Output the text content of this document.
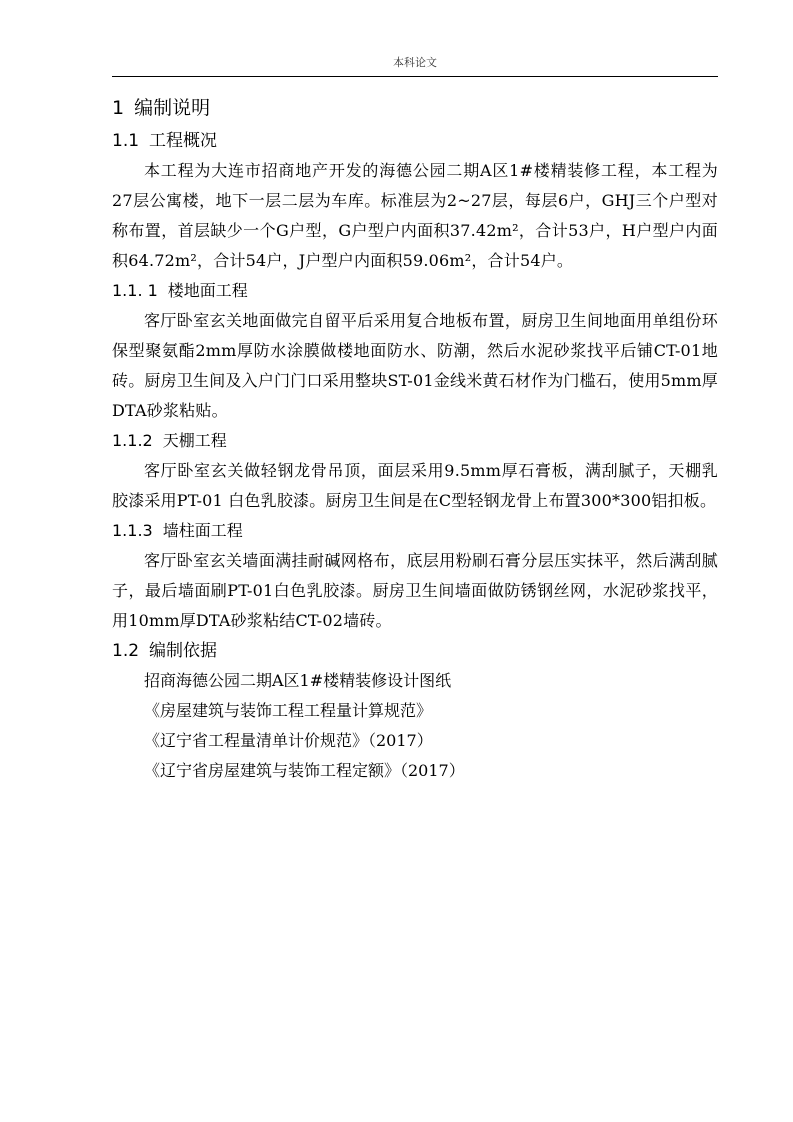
本科论文
1 编制说明
1.1 工程概况

本工程为大连市招商地产开发的海德公园二期A区1#楼精装修工程，本工程为27层公寓楼，地下一层二层为车库。标准层为2~27层，每层6户，GHJ三个户型对称布置，首层缺少一个G户型，G户型户内面积37.42m²，合计53户，H户型户内面积64.72m²，合计54户，J户型户内面积59.06m²，合计54户。

1.1. 1 楼地面工程

客厅卧室玄关地面做完自留平后采用复合地板布置，厨房卫生间地面用单组份环保型聚氨酯2mm厚防水涂膜做楼地面防水、防潮，然后水泥砂浆找平后铺CT-01地砖。厨房卫生间及入户门门口采用整块ST-01金线米黄石材作为门槛石，使用5mm厚DTA砂浆粘贴。

1.1.2 天棚工程

客厅卧室玄关做轻钢龙骨吊顶，面层采用9.5mm厚石膏板，满刮腻子，天棚乳胶漆采用PT-01 白色乳胶漆。厨房卫生间是在C型轻钢龙骨上布置300*300铝扣板。

1.1.3 墙柱面工程

客厅卧室玄关墙面满挂耐碱网格布，底层用粉刷石膏分层压实抹平，然后满刮腻子，最后墙面刷PT-01白色乳胶漆。厨房卫生间墙面做防锈钢丝网，水泥砂浆找平，用10mm厚DTA砂浆粘结CT-02墙砖。

1.2 编制依据

招商海德公园二期A区1#楼精装修设计图纸

《房屋建筑与装饰工程工程量计算规范》

《辽宁省工程量清单计价规范》（2017）

《辽宁省房屋建筑与装饰工程定额》（2017）
